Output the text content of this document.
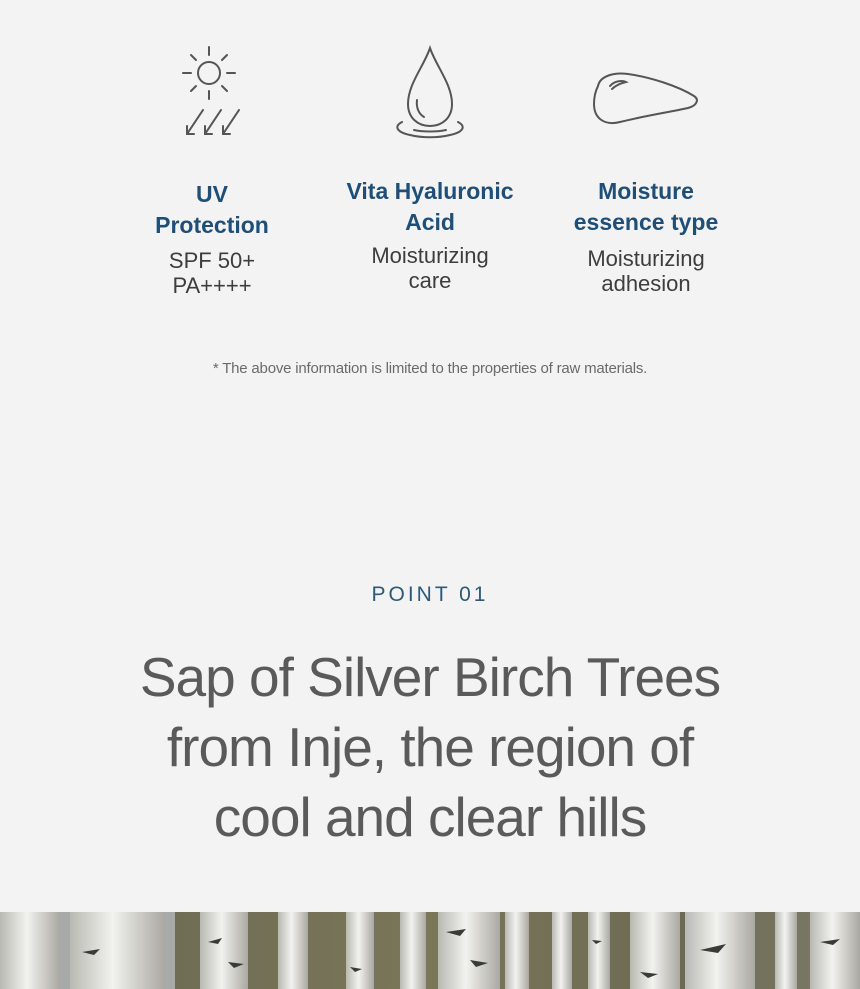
UV
Protection
SPF 50+
PA++++
Vita Hyaluronic
Acid
Moisturizing
care
Moisture
essence type
Moisturizing
adhesion
* The above information is limited to the properties of raw materials.
POINT 01
Sap of Silver Birch Trees
from Inje, the region of
cool and clear hills
